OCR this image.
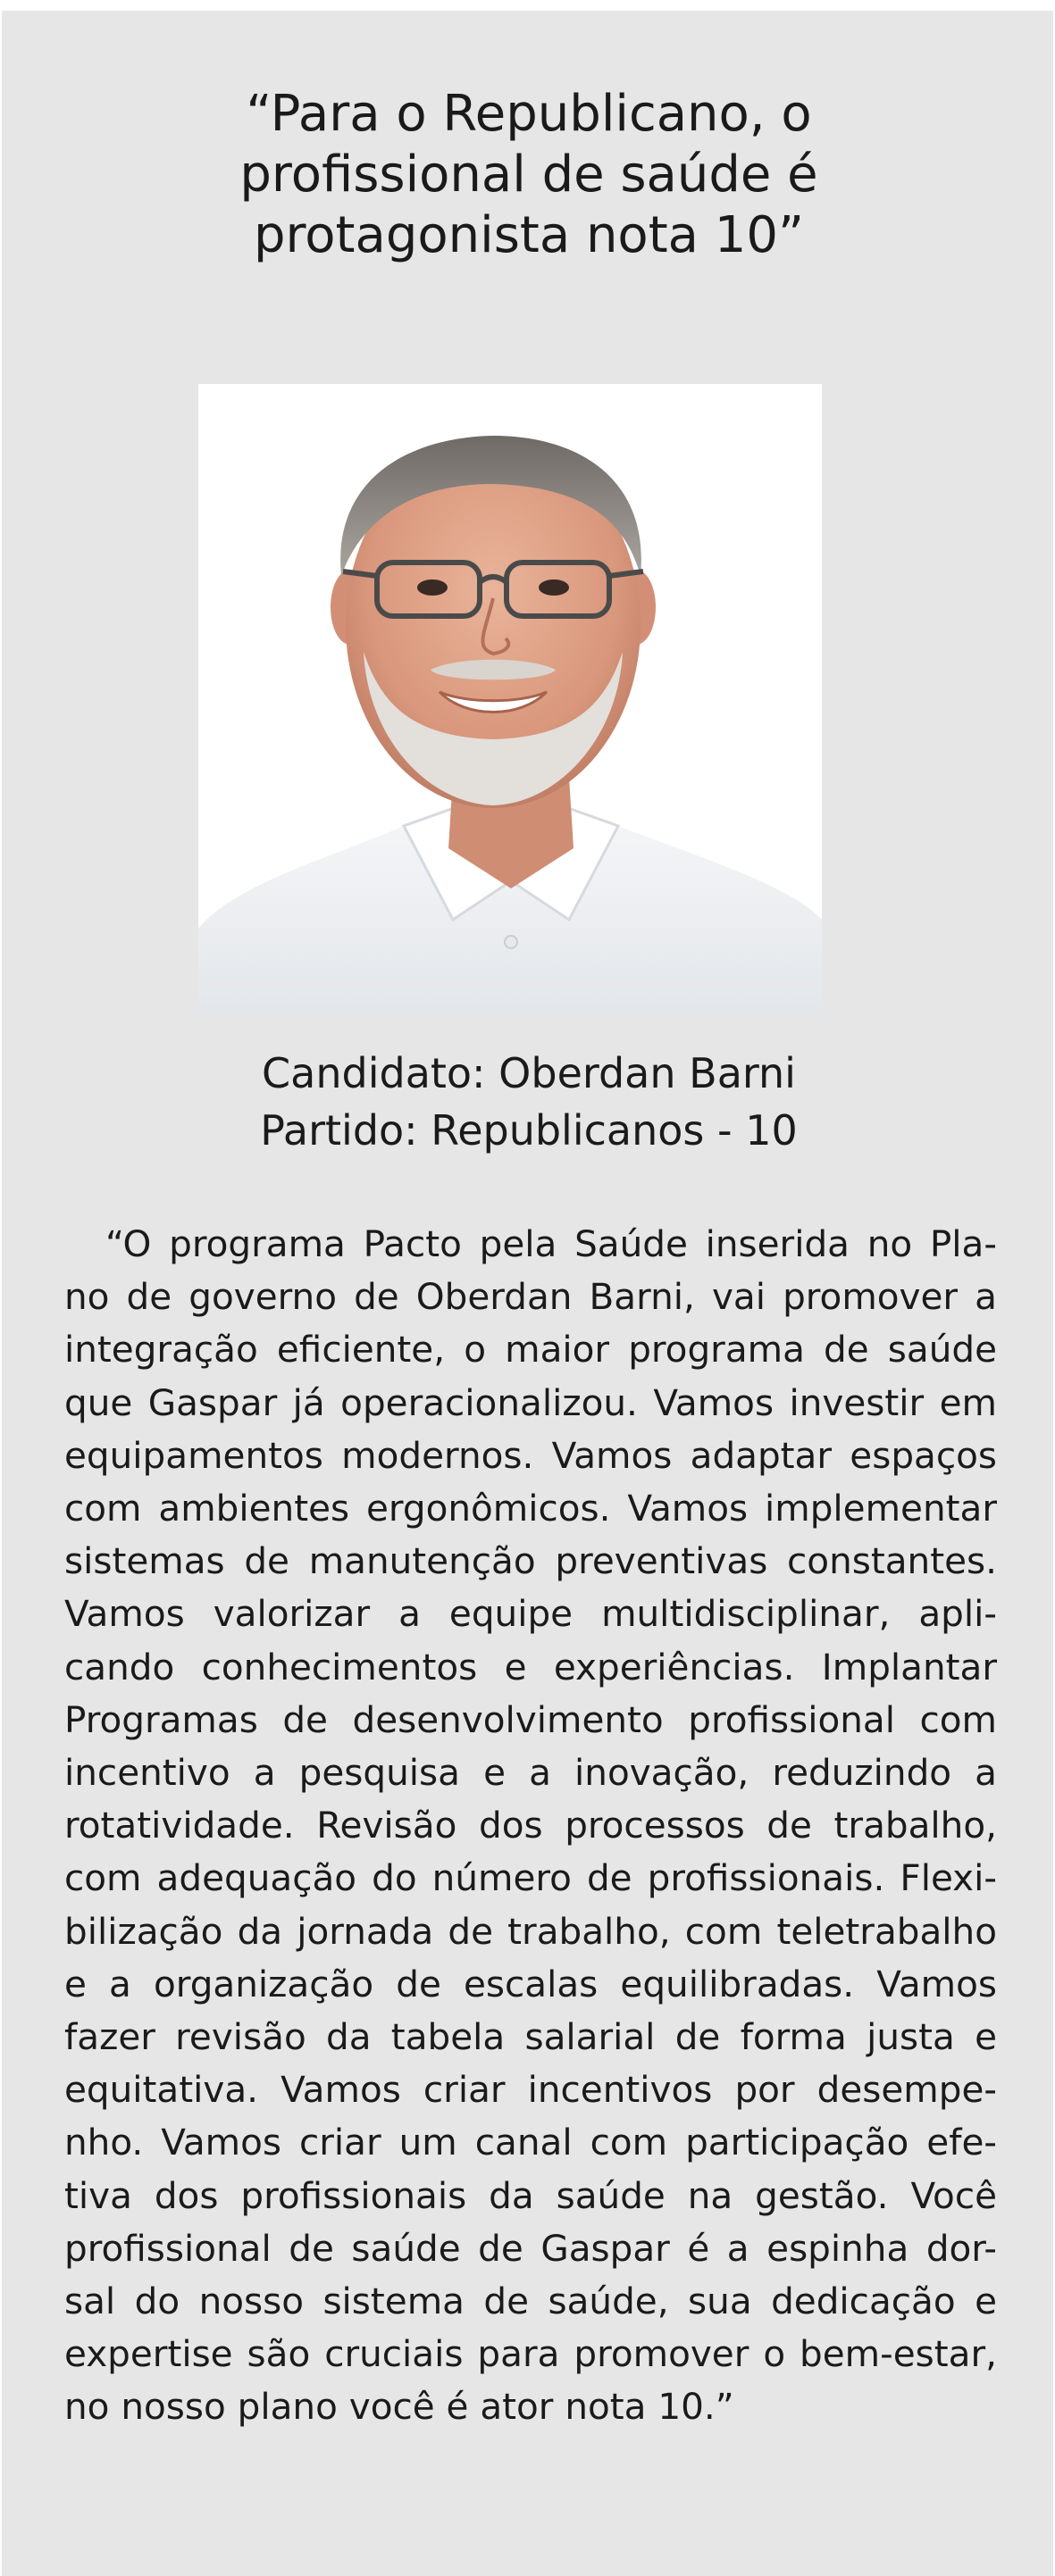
“Para o Republicano, o
profissional de saúde é
protagonista nota 10”
Candidato: Oberdan Barni
Partido: Republicanos - 10
“O programa Pacto pela Saúde inserida no Pla-
no de governo de Oberdan Barni, vai promover a
integração eficiente, o maior programa de saúde
que Gaspar já operacionalizou. Vamos investir em
equipamentos modernos. Vamos adaptar espaços
com ambientes ergonômicos. Vamos implementar
sistemas de manutenção preventivas constantes.
Vamos valorizar a equipe multidisciplinar, apli-
cando conhecimentos e experiências. Implantar
Programas de desenvolvimento profissional com
incentivo a pesquisa e a inovação, reduzindo a
rotatividade. Revisão dos processos de trabalho,
com adequação do número de profissionais. Flexi-
bilização da jornada de trabalho, com teletrabalho
e a organização de escalas equilibradas. Vamos
fazer revisão da tabela salarial de forma justa e
equitativa. Vamos criar incentivos por desempe-
nho. Vamos criar um canal com participação efe-
tiva dos profissionais da saúde na gestão. Você
profissional de saúde de Gaspar é a espinha dor-
sal do nosso sistema de saúde, sua dedicação e
expertise são cruciais para promover o bem-estar,
no nosso plano você é ator nota 10.”
